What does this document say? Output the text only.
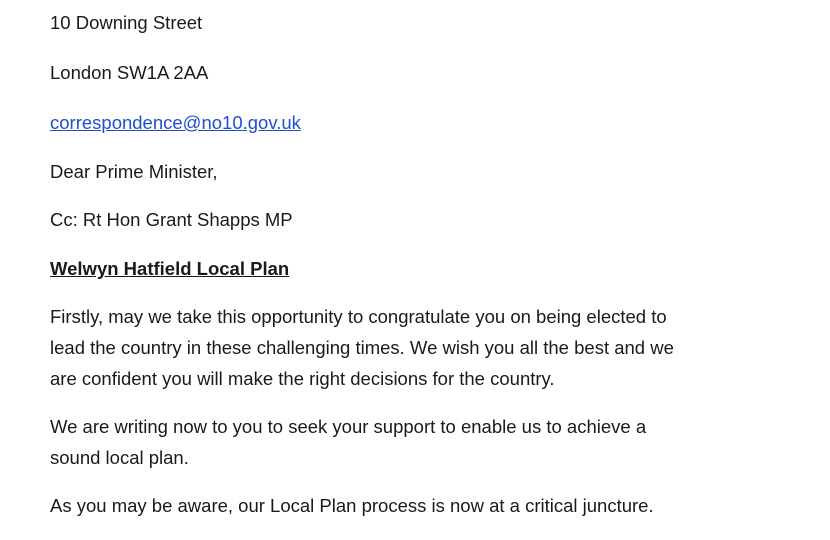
10 Downing Street

London SW1A 2AA

correspondence@no10.gov.uk

Dear Prime Minister,

Cc: Rt Hon Grant Shapps MP

Welwyn Hatfield Local Plan

Firstly, may we take this opportunity to congratulate you on being elected to
lead the country in these challenging times. We wish you all the best and we
are confident you will make the right decisions for the country.
We are writing now to you to seek your support to enable us to achieve a
sound local plan.
As you may be aware, our Local Plan process is now at a critical juncture.
